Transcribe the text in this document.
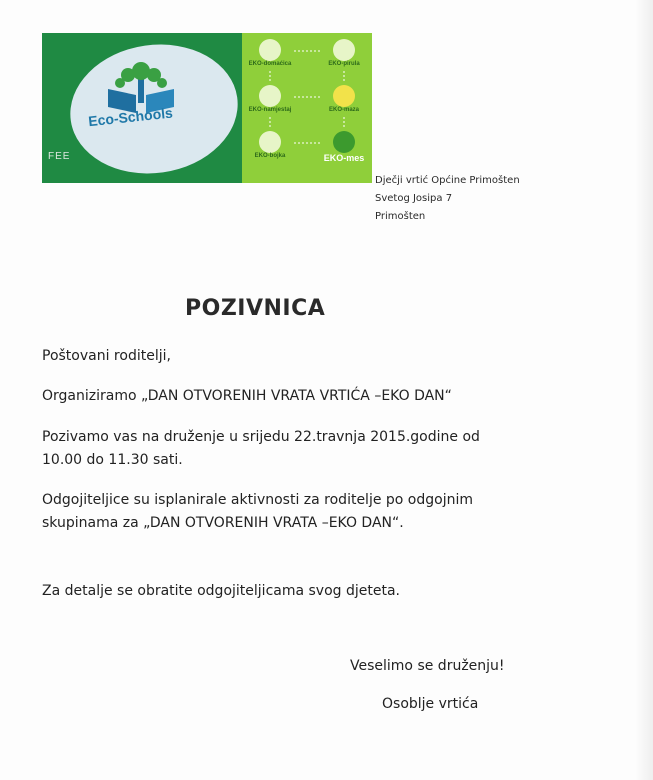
Eco-Schools
FEE
EKO-domaćica	EKO-pirula
EKO-namjestaj	EKO-maza
EKO-bojka	EKO-mes
Dječji vrtić Općine Primošten
Svetog Josipa 7
Primošten
POZIVNICA
Poštovani roditelji,
Organiziramo „DAN OTVORENIH VRATA VRTIĆA –EKO DAN“
Pozivamo vas na druženje u srijedu 22.travnja 2015.godine od 10.00 do 11.30 sati.
Odgojiteljice su isplanirale aktivnosti za roditelje po odgojnim skupinama za „DAN OTVORENIH VRATA –EKO DAN“.
Za detalje se obratite odgojiteljicama svog djeteta.
Veselimo se druženju!
Osoblje vrtića
